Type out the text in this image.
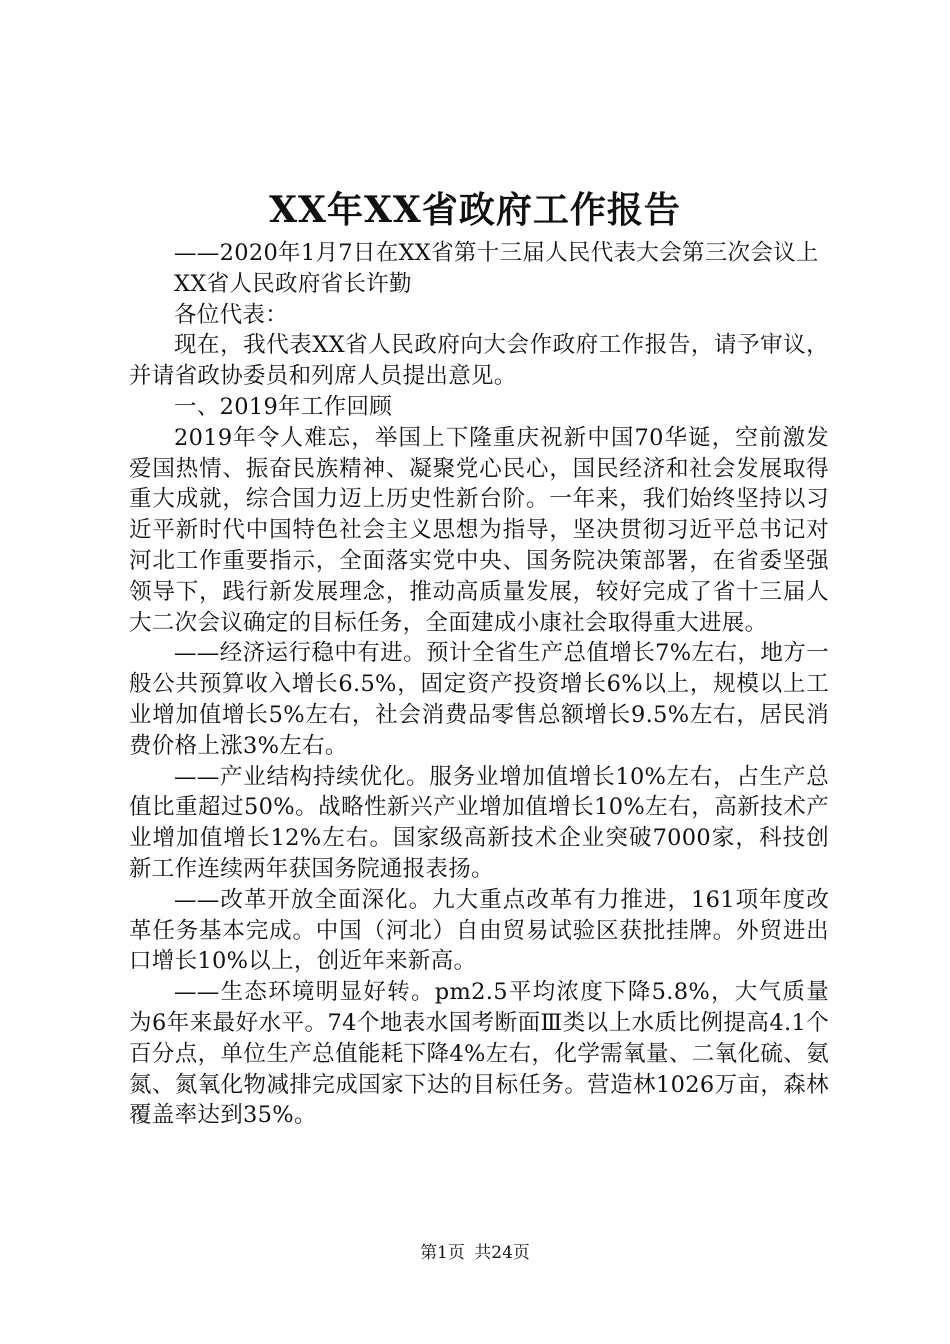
XX年XX省政府工作报告

——2020年1月7日在XX省第十三届人民代表大会第三次会议上

XX省人民政府省长许勤

各位代表：

现在，我代表XX省人民政府向大会作政府工作报告，请予审议，并请省政协委员和列席人员提出意见。

一、2019年工作回顾

2019年令人难忘，举国上下隆重庆祝新中国70华诞，空前激发爱国热情、振奋民族精神、凝聚党心民心，国民经济和社会发展取得重大成就，综合国力迈上历史性新台阶。一年来，我们始终坚持以习近平新时代中国特色社会主义思想为指导，坚决贯彻习近平总书记对河北工作重要指示，全面落实党中央、国务院决策部署，在省委坚强领导下，践行新发展理念，推动高质量发展，较好完成了省十三届人大二次会议确定的目标任务，全面建成小康社会取得重大进展。

——经济运行稳中有进。预计全省生产总值增长7%左右，地方一般公共预算收入增长6.5%，固定资产投资增长6%以上，规模以上工业增加值增长5%左右，社会消费品零售总额增长9.5%左右，居民消费价格上涨3%左右。

——产业结构持续优化。服务业增加值增长10%左右，占生产总值比重超过50%。战略性新兴产业增加值增长10%左右，高新技术产业增加值增长12%左右。国家级高新技术企业突破7000家，科技创新工作连续两年获国务院通报表扬。

——改革开放全面深化。九大重点改革有力推进，161项年度改革任务基本完成。中国（河北）自由贸易试验区获批挂牌。外贸进出口增长10%以上，创近年来新高。

——生态环境明显好转。pm2.5平均浓度下降5.8%，大气质量为6年来最好水平。74个地表水国考断面Ⅲ类以上水质比例提高4.1个百分点，单位生产总值能耗下降4%左右，化学需氧量、二氧化硫、氨氮、氮氧化物减排完成国家下达的目标任务。营造林1026万亩，森林覆盖率达到35%。

第1页 共24页
